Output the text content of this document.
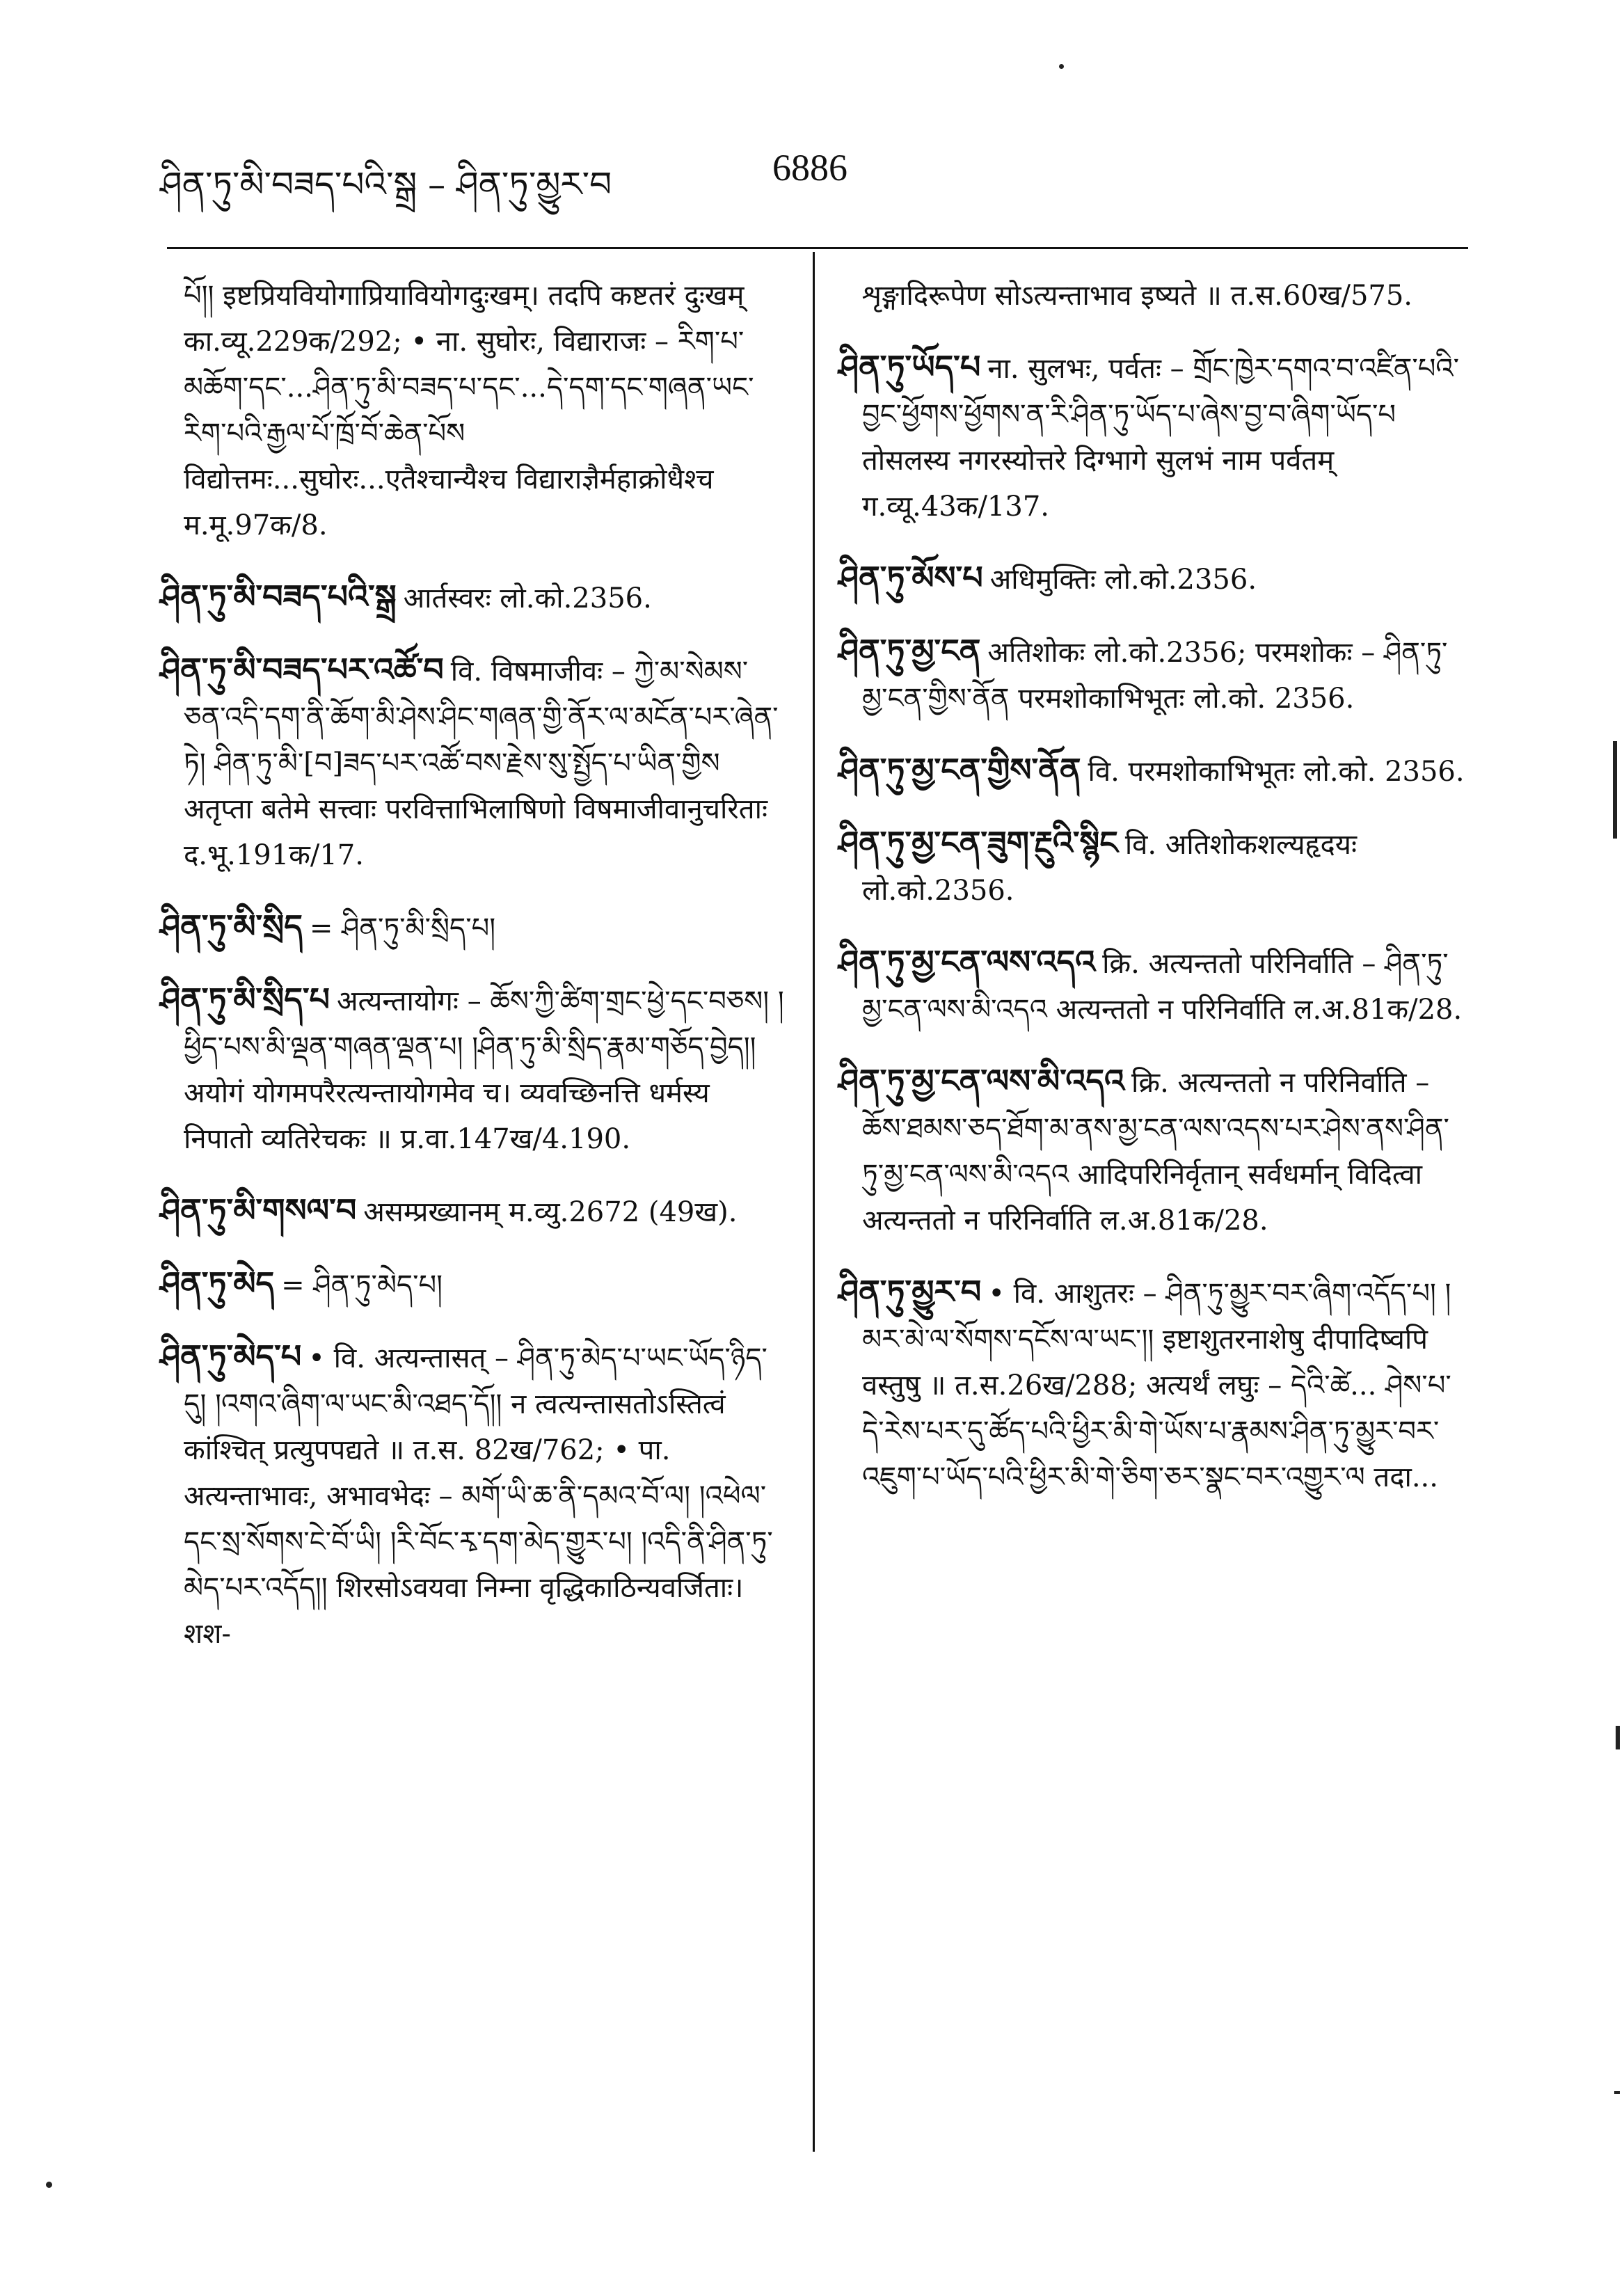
ཤིན་ཏུ་མི་བཟད་པའི་སྒྲ – ཤིན་ཏུ་མྱུར་བ	6886

པོ།། इष्टप्रियवियोगाप्रियावियोगदुःखम्। तदपि कष्टतरं दुःखम् का.व्यू.229क/292; • ना. सुघोरः, विद्याराजः – རིག་པ་མཆོག་དང་...ཤིན་ཏུ་མི་བཟད་པ་དང་...དེ་དག་དང་གཞན་ཡང་རིག་པའི་རྒྱལ་པོ་ཁྲོ་བོ་ཆེན་པོས विद्योत्तमः...सुघोरः...एतैश्चान्यैश्च विद्याराज्ञैर्महाक्रोधैश्च म.मू.97क/8.

ཤིན་ཏུ་མི་བཟད་པའི་སྒྲ आर्तस्वरः लो.को.2356.

ཤིན་ཏུ་མི་བཟད་པར་འཚོ་བ वि. विषमाजीवः – ཀྱེ་མ་སེམས་ཅན་འདི་དག་ནི་ཆོག་མི་ཤེས་ཤིང་གཞན་གྱི་ནོར་ལ་མངོན་པར་ཞེན་ཏེ། ཤིན་ཏུ་མི་[བ]ཟད་པར་འཚོ་བས་རྗེས་སུ་སྤྱོད་པ་ཡིན་གྱིས अतृप्ता बतेमे सत्त्वाः परवित्ताभिलाषिणो विषमाजीवानुचरिताः द.भू.191क/17.

ཤིན་ཏུ་མི་སྲིད = ཤིན་ཏུ་མི་སྲིད་པ།

ཤིན་ཏུ་མི་སྲིད་པ अत्यन्तायोगः – ཆོས་ཀྱི་ཚིག་གྲང་ཕྱེ་དང་བཅས། །ཕྱིད་པས་མི་ལྡན་གཞན་ལྡན་པ། །ཤིན་ཏུ་མི་སྲིད་རྣམ་གཅོད་བྱེད།། अयोगं योगमपरैरत्यन्तायोगमेव च। व्यवच्छिनत्ति धर्मस्य निपातो व्यतिरेचकः ॥ प्र.वा.147ख/4.190.

ཤིན་ཏུ་མི་གསལ་བ असम्प्रख्यानम् म.व्यु.2672 (49ख).

ཤིན་ཏུ་མེད = ཤིན་ཏུ་མེད་པ།

ཤིན་ཏུ་མེད་པ • वि. अत्यन्तासत् – ཤིན་ཏུ་མེད་པ་ཡང་ཡོད་ཉིད་དུ། །འགའ་ཞིག་ལ་ཡང་མི་འཐད་དོ།། न त्वत्यन्तासतोऽस्तित्वं कांश्चित् प्रत्युपपद्यते ॥ त.स. 82ख/762; • पा. अत्यन्ताभावः, अभावभेदः – མགོ་ཡི་ཆ་ནི་དམའ་བོ་ལ། །འཕེལ་དང་སྲ་སོགས་ངེ་བོ་ཡི། །རི་བོང་རྭ་དག་མེད་གྱུར་པ། །འདི་ནི་ཤིན་ཏུ་མེད་པར་འདོད།། शिरसोऽवयवा निम्ना वृद्धिकाठिन्यवर्जिताः। शश-

शृङ्गादिरूपेण सोऽत्यन्ताभाव इष्यते ॥ त.स.60ख/575.

ཤིན་ཏུ་ཡོད་པ ना. सुलभः, पर्वतः – གྲོང་ཁྱེར་དགའ་བ་འཛིན་པའི་བྱང་ཕྱོགས་ཕྱོགས་ན་རི་ཤིན་ཏུ་ཡོད་པ་ཞེས་བྱ་བ་ཞིག་ཡོད་པ तोसलस्य नगरस्योत्तरे दिग्भागे सुलभं नाम पर्वतम् ग.व्यू.43क/137.

ཤིན་ཏུ་མོས་པ अधिमुक्तिः लो.को.2356.

ཤིན་ཏུ་མྱ་ངན अतिशोकः लो.को.2356; परमशोकः – ཤིན་ཏུ་མྱ་ངན་གྱིས་ནོན परमशोकाभिभूतः लो.को. 2356.

ཤིན་ཏུ་མྱ་ངན་གྱིས་ནོན वि. परमशोकाभिभूतः लो.को. 2356.

ཤིན་ཏུ་མྱ་ངན་ཟུག་རྔུའི་སྙིང वि. अतिशोकशल्यहृदयः लो.को.2356.

ཤིན་ཏུ་མྱ་ངན་ལས་འདའ क्रि. अत्यन्ततो परिनिर्वाति – ཤིན་ཏུ་མྱ་ངན་ལས་མི་འདའ अत्यन्ततो न परिनिर्वाति ल.अ.81क/28.

ཤིན་ཏུ་མྱ་ངན་ལས་མི་འདའ क्रि. अत्यन्ततो न परिनिर्वाति – ཆོས་ཐམས་ཅད་ཐོག་མ་ནས་མྱ་ངན་ལས་འདས་པར་ཤེས་ནས་ཤིན་ཏུ་མྱ་ངན་ལས་མི་འདའ आदिपरिनिर्वृतान् सर्वधर्मान् विदित्वा अत्यन्ततो न परिनिर्वाति ल.अ.81क/28.

ཤིན་ཏུ་མྱུར་བ • वि. आशुतरः – ཤིན་ཏུ་མྱུར་བར་ཞིག་འདོད་པ། །མར་མེ་ལ་སོགས་དངོས་ལ་ཡང་།། इष्टाशुतरनाशेषु दीपादिष्वपि वस्तुषु ॥ त.स.26ख/288; अत्यर्थं लघुः – དེའི་ཚེ... ཤེས་པ་དེ་རེས་པར་དུ་ཚོད་པའི་ཕྱིར་མི་གེ་ཡོས་པ་རྣམས་ཤིན་ཏུ་མྱུར་བར་འཇུག་པ་ཡོད་པའི་ཕྱིར་མི་གེ་ཅིག་ཅར་སྣང་བར་འགྱུར་ལ तदा...
